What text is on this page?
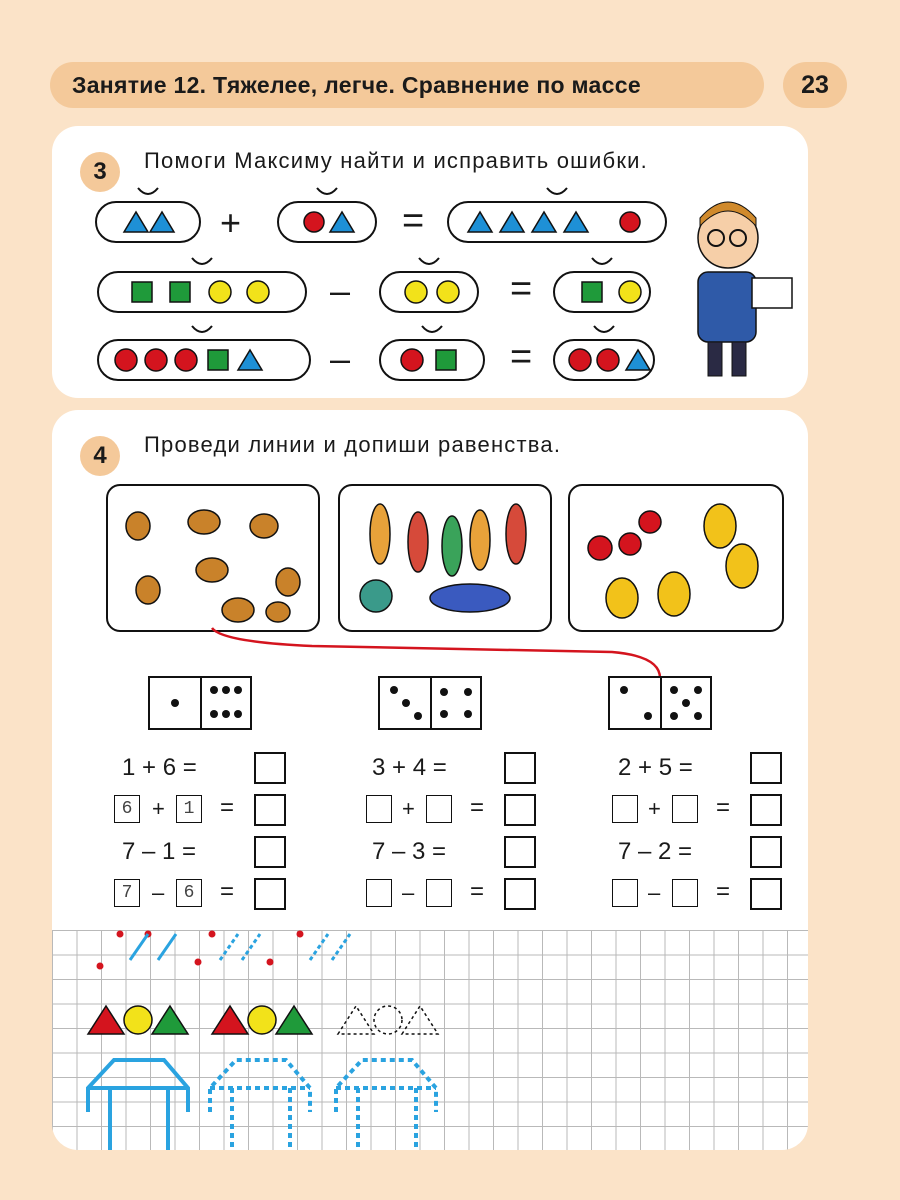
Занятие 12. Тяжелее, легче. Сравнение по массе	23
3	Помоги Максиму найти и исправить ошибки.
+	=
–	=
–	=
4	Проведи линии и допиши равенства.
1 + 6 =
6 +	1	=
7 – 1 =
7 –	6	=
3 + 4 =
+ =
7 – 3 =
– =
2 + 5 =
+ =
7 – 2 =
– =
